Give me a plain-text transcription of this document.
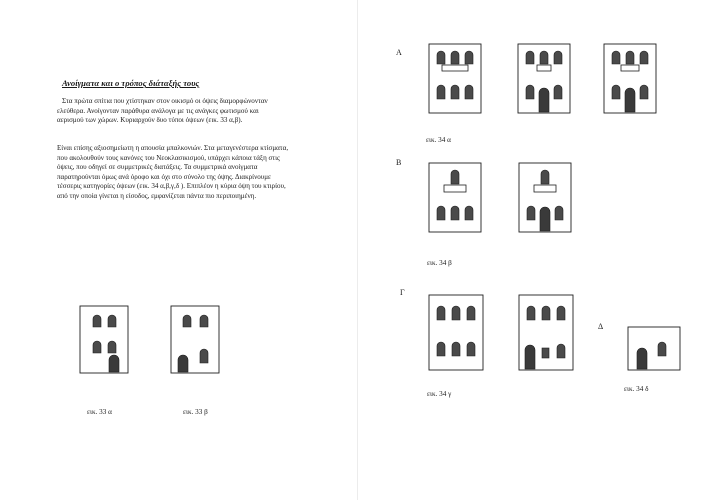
Ανοίγματα και ο τρόπος διάταξής τους

Στα πρώτα σπίτια που χτίστηκαν στον οικισμό οι όψεις διαμορφώνονταν
ελεύθερα. Ανοίγονταν παράθυρα ανάλογα με τις ανάγκες φωτισμού και
αερισμού των χώρων. Κυριαρχούν δυο τύποι όψεων (εικ. 33 α,β).

Είναι επίσης αξιοσημείωτη η απουσία μπαλκονιών. Στα μεταγενέστερα κτίσματα,
που ακολουθούν τους κανόνες του Νεοκλασικισμού, υπάρχει κάποια τάξη στις
όψεις, που οδηγεί σε συμμετρικές διατάξεις. Τα συμμετρικά ανοίγματα
παρατηρούνται όμως ανά όροφο και όχι στο σύνολο της όψης. Διακρίνουμε
τέσσερις κατηγορίες όψεων (εικ. 34 α,β,γ,δ ). Επιπλέον η κύρια όψη του κτιρίου,
από την οποία γίνεται η είσοδος, εμφανίζεται πάντα πιο περιποιημένη.

εικ. 33 α	εικ. 33 β
Α
εικ. 34 α
Β
εικ. 34 β
Γ
εικ. 34 γ
Δ
εικ. 34 δ
